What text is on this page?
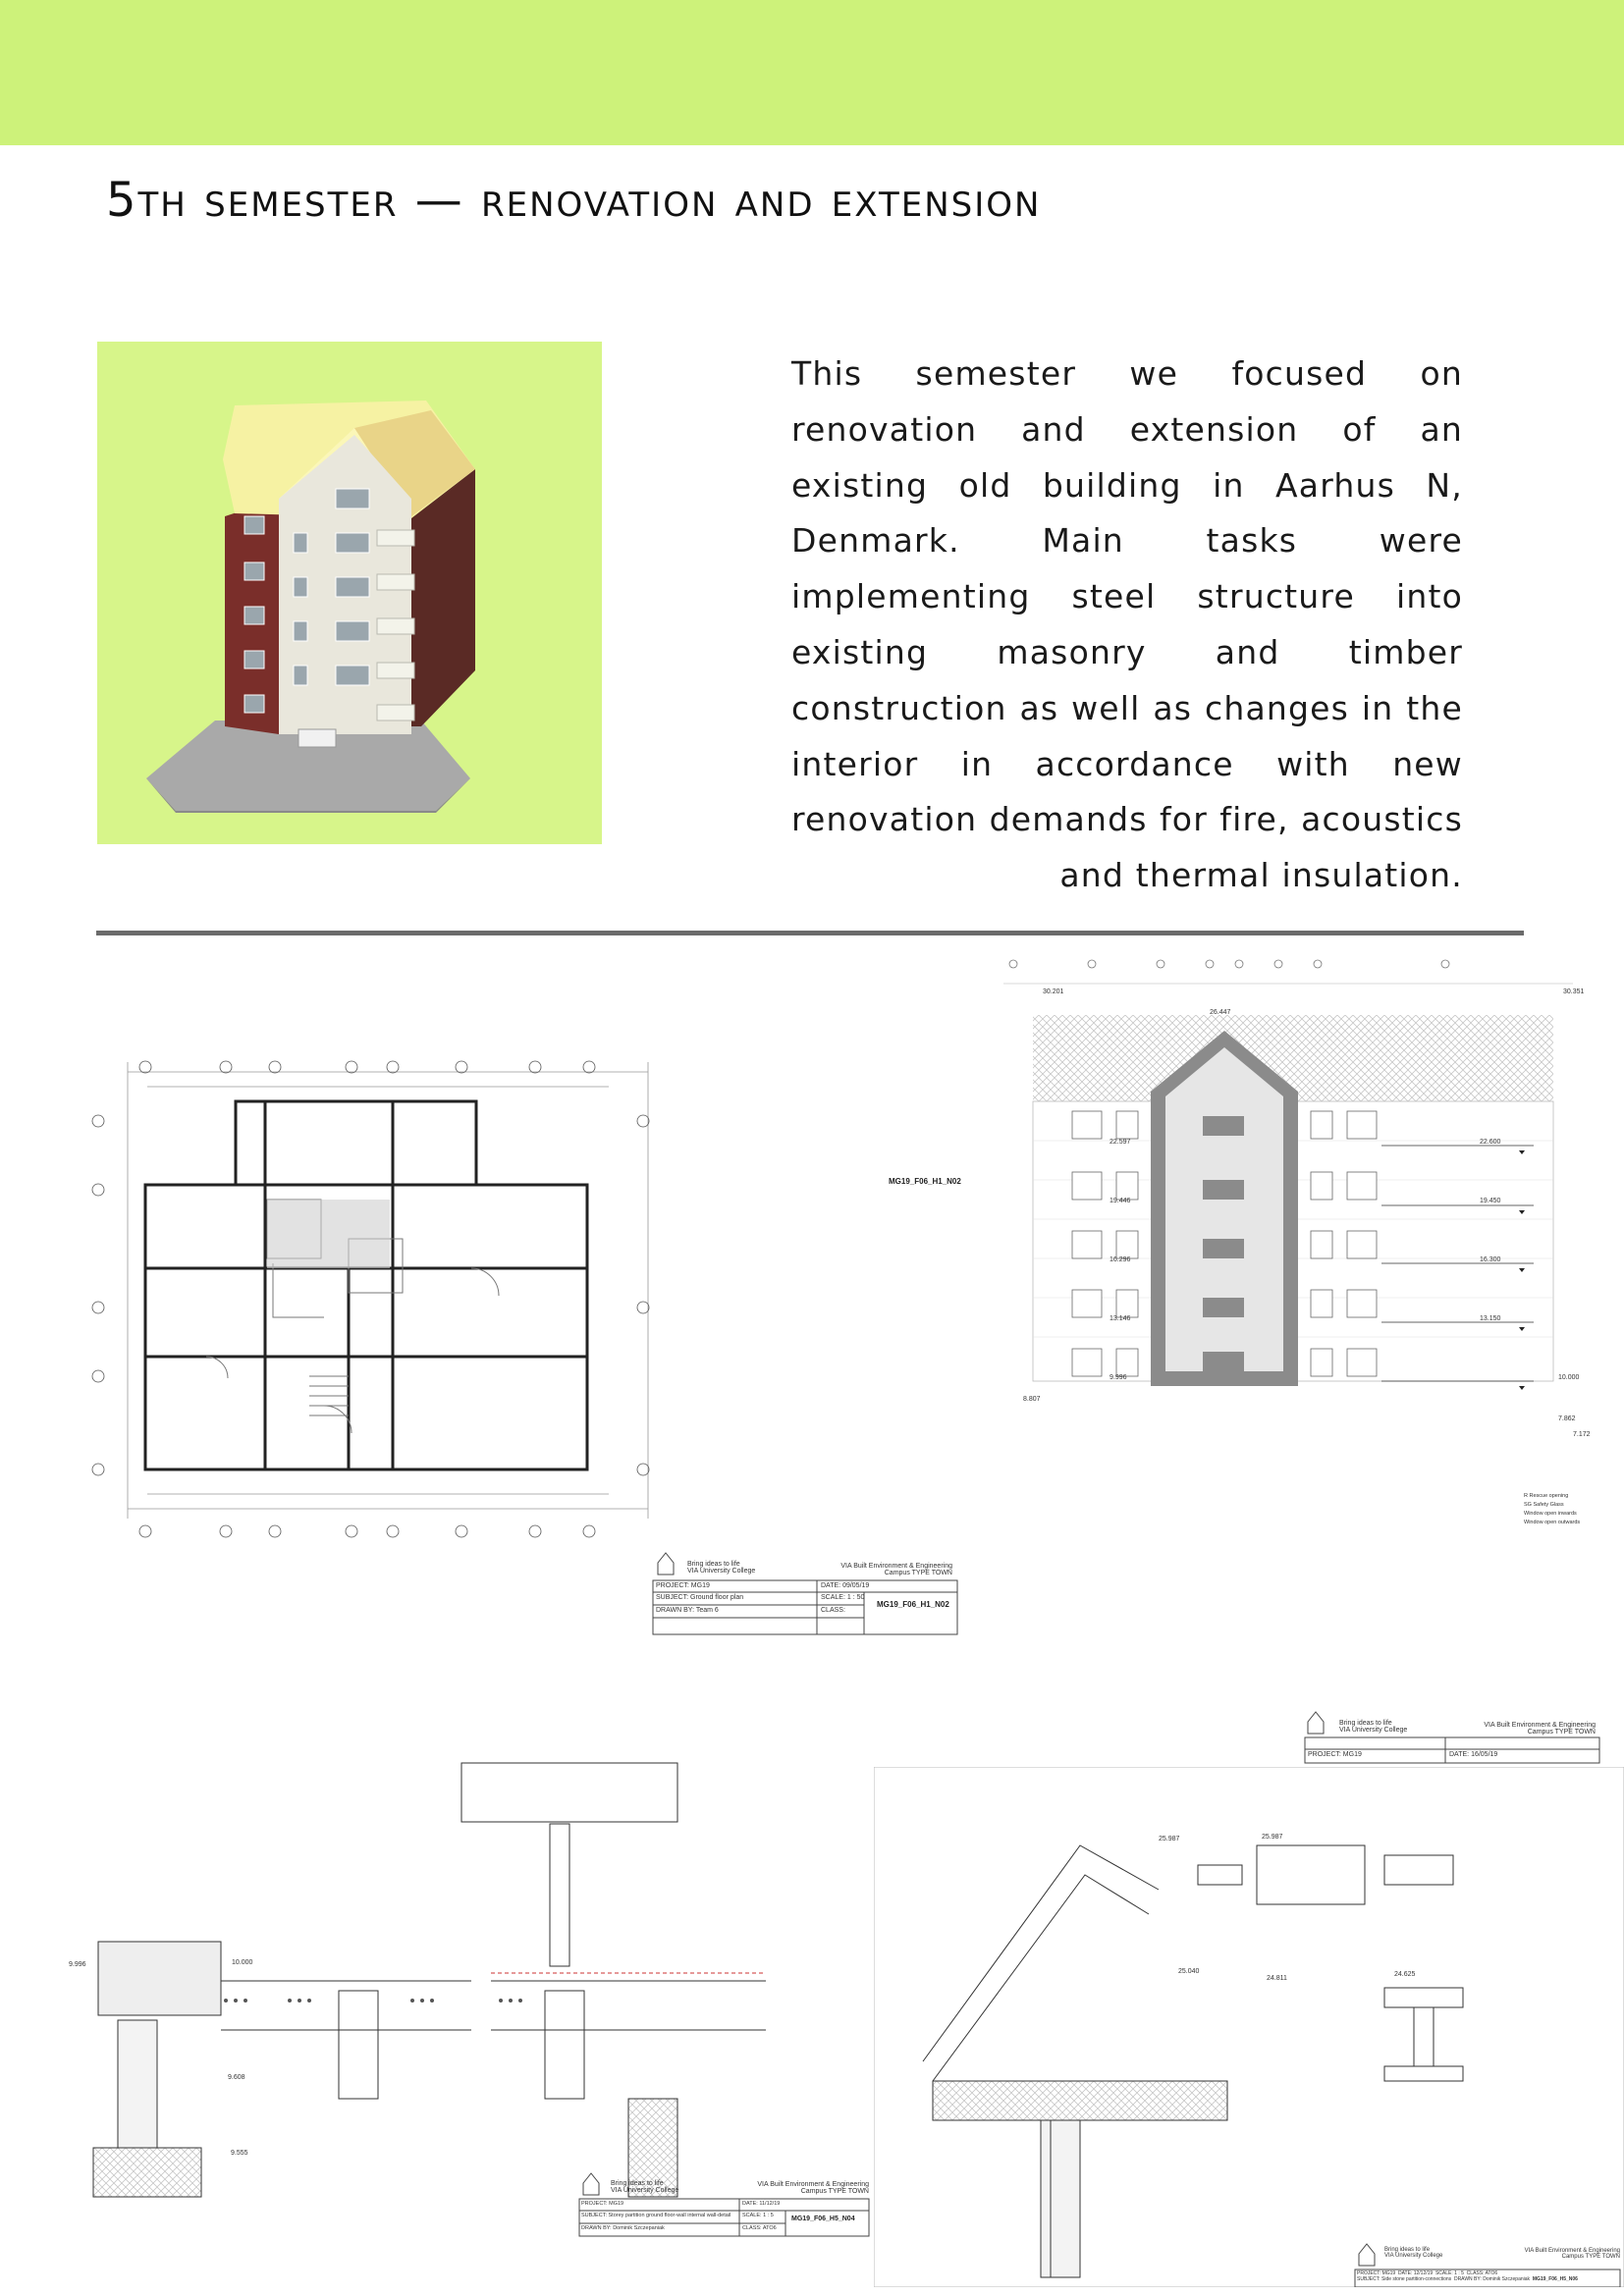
5th semester — renovation and extension
This semester we focused on renovation and extension of an existing old building in Aarhus N, Denmark. Main tasks were implementing steel structure into existing masonry and timber construction as well as changes in the interior in accordance with new renovation demands for fire, acoustics and thermal insulation.
MG19_F06_H1_N02
Bring ideas to life
VIA University College
VIA Built Environment & Engineering
Campus TYPE TOWN
PROJECT: MG19
SUBJECT: Ground floor plan
DRAWN BY: Team 6
DATE: 09/05/19
SCALE: 1 : 50
CLASS:
MG19_F06_H1_N02
30.201	30.351
26.447
22.597	22.600
19.446	19.450
16.296	16.300
13.146	13.150
9.996	10.000
8.807
7.862
7.172
R Rescue opening
SG Safety Glass
Window open inwards
Window open outwards
Bring ideas to life
VIA University College
VIA Built Environment & Engineering
Campus TYPE TOWN
PROJECT: MG19	DATE: 16/05/19
9.996	10.000
9.608
9.555
Bring ideas to life
VIA University College
VIA Built Environment & Engineering
Campus TYPE TOWN
PROJECT: MG19
SUBJECT: Storey partition ground floor-wall internal wall-detail
DRAWN BY: Dominik Szczepaniak
DATE: 11/12/19
SCALE: 1 : 5
CLASS: ATO6
MG19_F06_H5_N04
25.987	25.987
25.040
24.811
24.625
Bring ideas to life
VIA University College
VIA Built Environment & Engineering
Campus TYPE TOWN
PROJECT: MG19 DATE: 12/12/19 SCALE: 1 : 5 CLASS: ATO6
SUBJECT: Side stone partition-connections DRAWN BY: Dominik Szczepaniak MG19_F06_H5_N06
